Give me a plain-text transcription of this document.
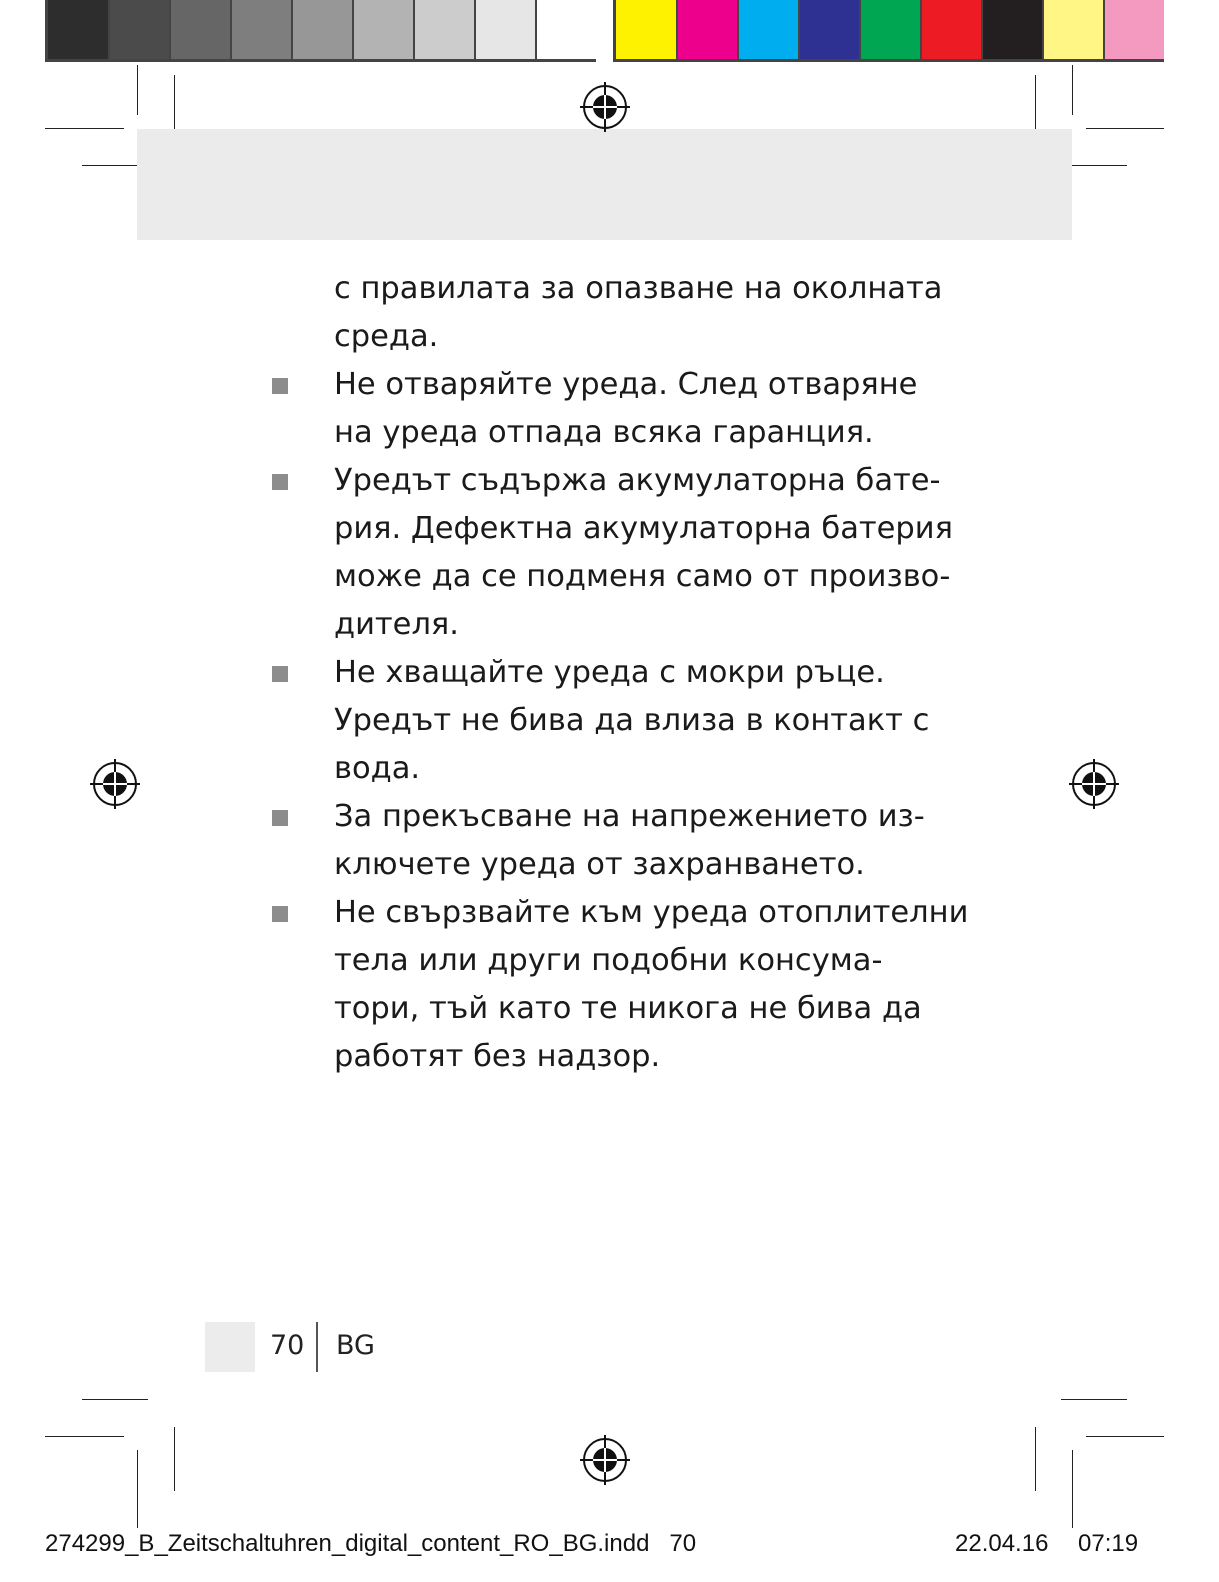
с правилата за опазване на околната
среда.
Не отваряйте уреда. След отваряне
на уреда отпада всяка гаранция.
Уредът съдържа акумулаторна бате-
рия. Дефектна акумулаторна батерия
може да се подменя само от произво-
дителя.
Не хващайте уреда с мокри ръце.
Уредът не бива да влиза в контакт с
вода.
За прекъсване на напрежението из-
ключете уреда от захранването.
Не свързвайте към уреда отоплителни
тела или други подобни консума-
тори, тъй като те никога не бива да
работят без надзор.
70 BG
274299_B_Zeitschaltuhren_digital_content_RO_BG.indd   70	22.04.16 07:19
